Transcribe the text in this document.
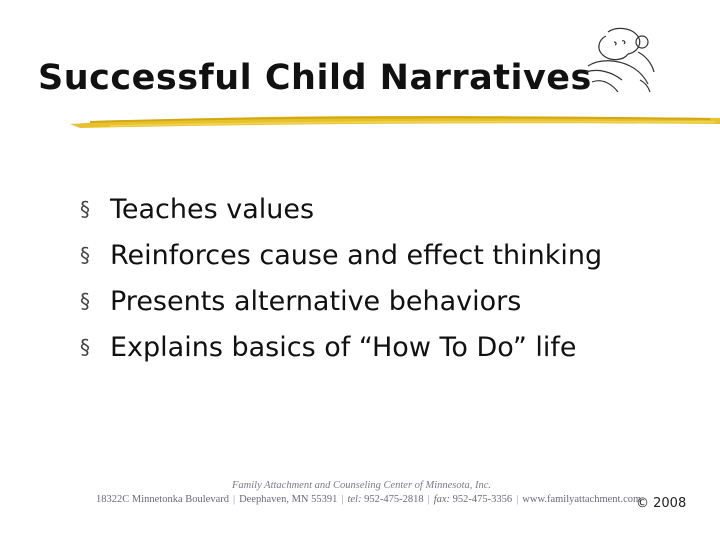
Successful Child Narratives
§ Teaches values
§ Reinforces cause and effect thinking
§ Presents alternative behaviors
§ Explains basics of “How To Do” life
Family Attachment and Counseling Center of Minnesota, Inc.
18322C Minnetonka Boulevard | Deephaven, MN 55391 | tel:
952-475-2818 | fax:
952-475-3356 | www.familyattachment.com
© 2008
